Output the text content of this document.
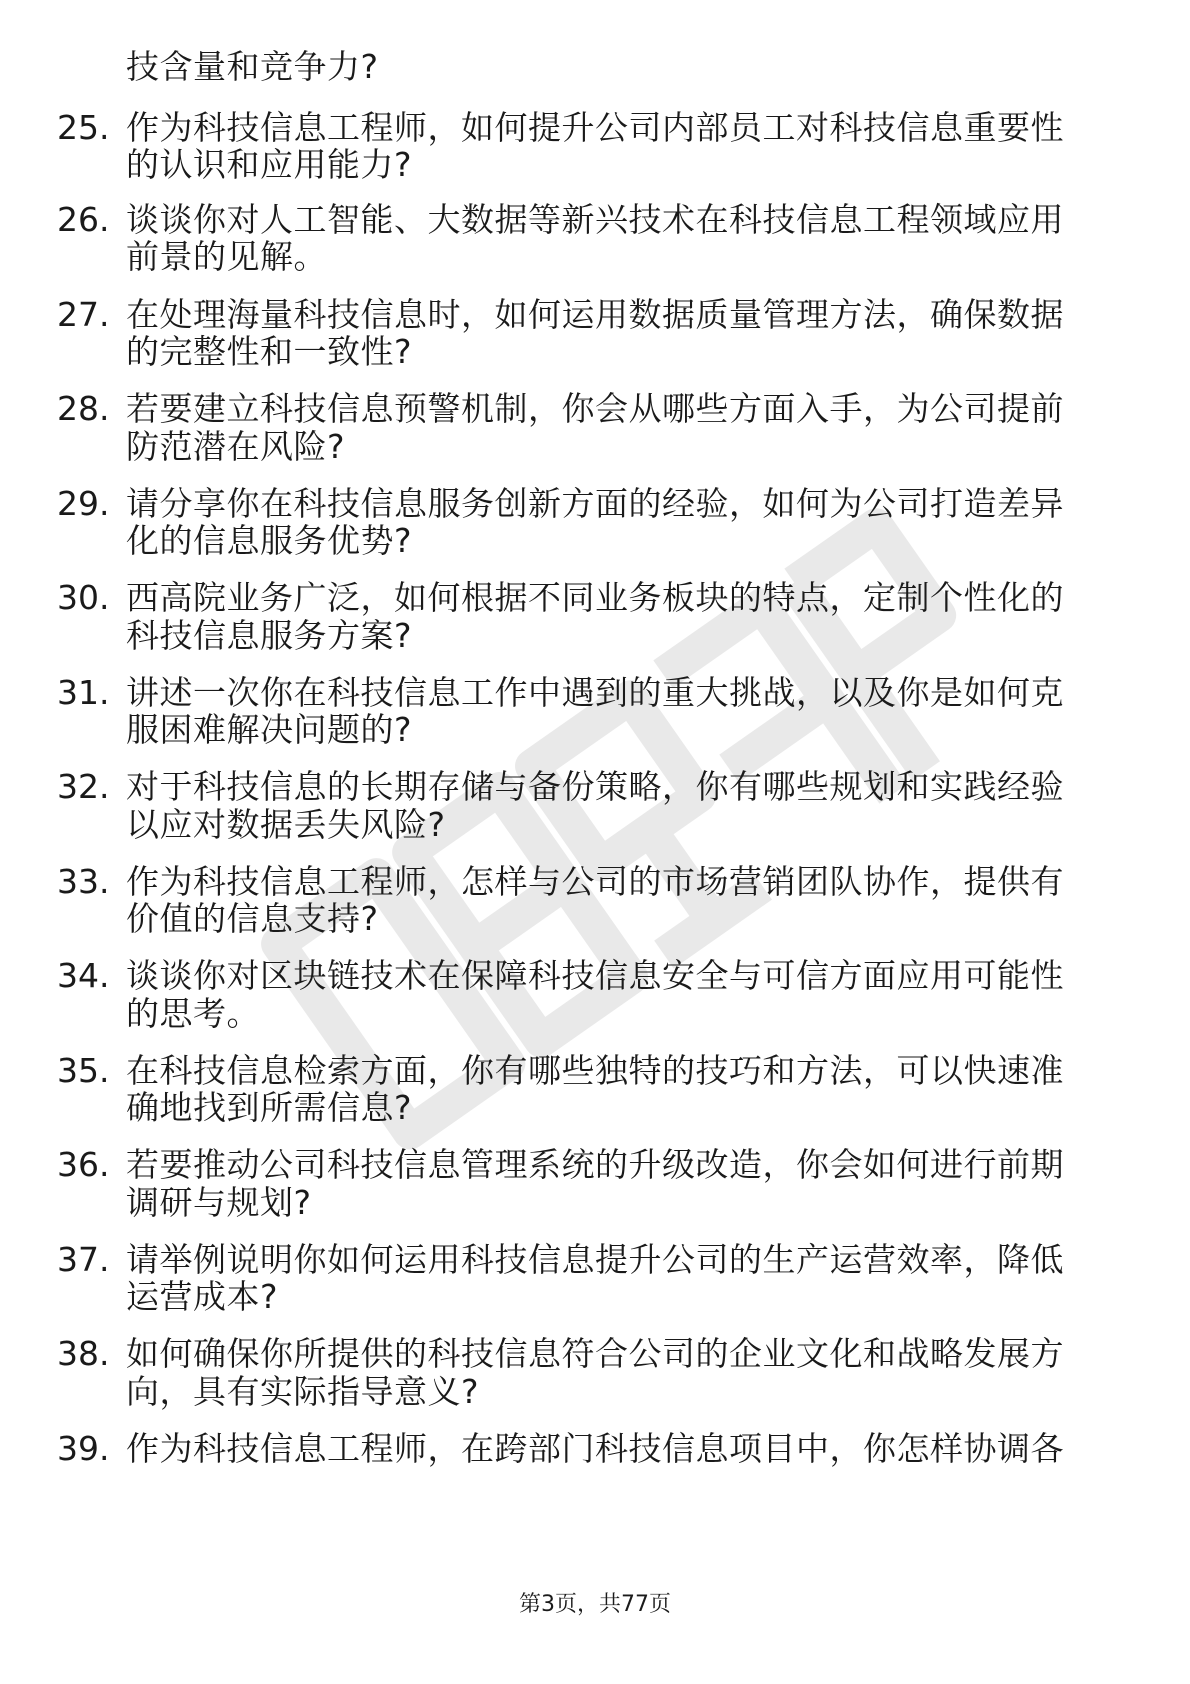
技含量和竞争力?
25. 作为科技信息工程师，如何提升公司内部员工对科技信息重要性
的认识和应用能力?
26. 谈谈你对人工智能、大数据等新兴技术在科技信息工程领域应用
前景的见解。
27. 在处理海量科技信息时，如何运用数据质量管理方法，确保数据
的完整性和一致性?
28. 若要建立科技信息预警机制，你会从哪些方面入手，为公司提前
防范潜在风险?
29. 请分享你在科技信息服务创新方面的经验，如何为公司打造差异
化的信息服务优势?
30. 西高院业务广泛，如何根据不同业务板块的特点，定制个性化的
科技信息服务方案?
31. 讲述一次你在科技信息工作中遇到的重大挑战，以及你是如何克
服困难解决问题的?
32. 对于科技信息的长期存储与备份策略，你有哪些规划和实践经验
以应对数据丢失风险?
33. 作为科技信息工程师，怎样与公司的市场营销团队协作，提供有
价值的信息支持?
34. 谈谈你对区块链技术在保障科技信息安全与可信方面应用可能性
的思考。
35. 在科技信息检索方面，你有哪些独特的技巧和方法，可以快速准
确地找到所需信息?
36. 若要推动公司科技信息管理系统的升级改造，你会如何进行前期
调研与规划?
37. 请举例说明你如何运用科技信息提升公司的生产运营效率，降低
运营成本?
38. 如何确保你所提供的科技信息符合公司的企业文化和战略发展方
向，具有实际指导意义?
39. 作为科技信息工程师，在跨部门科技信息项目中，你怎样协调各
第3页，共77页
